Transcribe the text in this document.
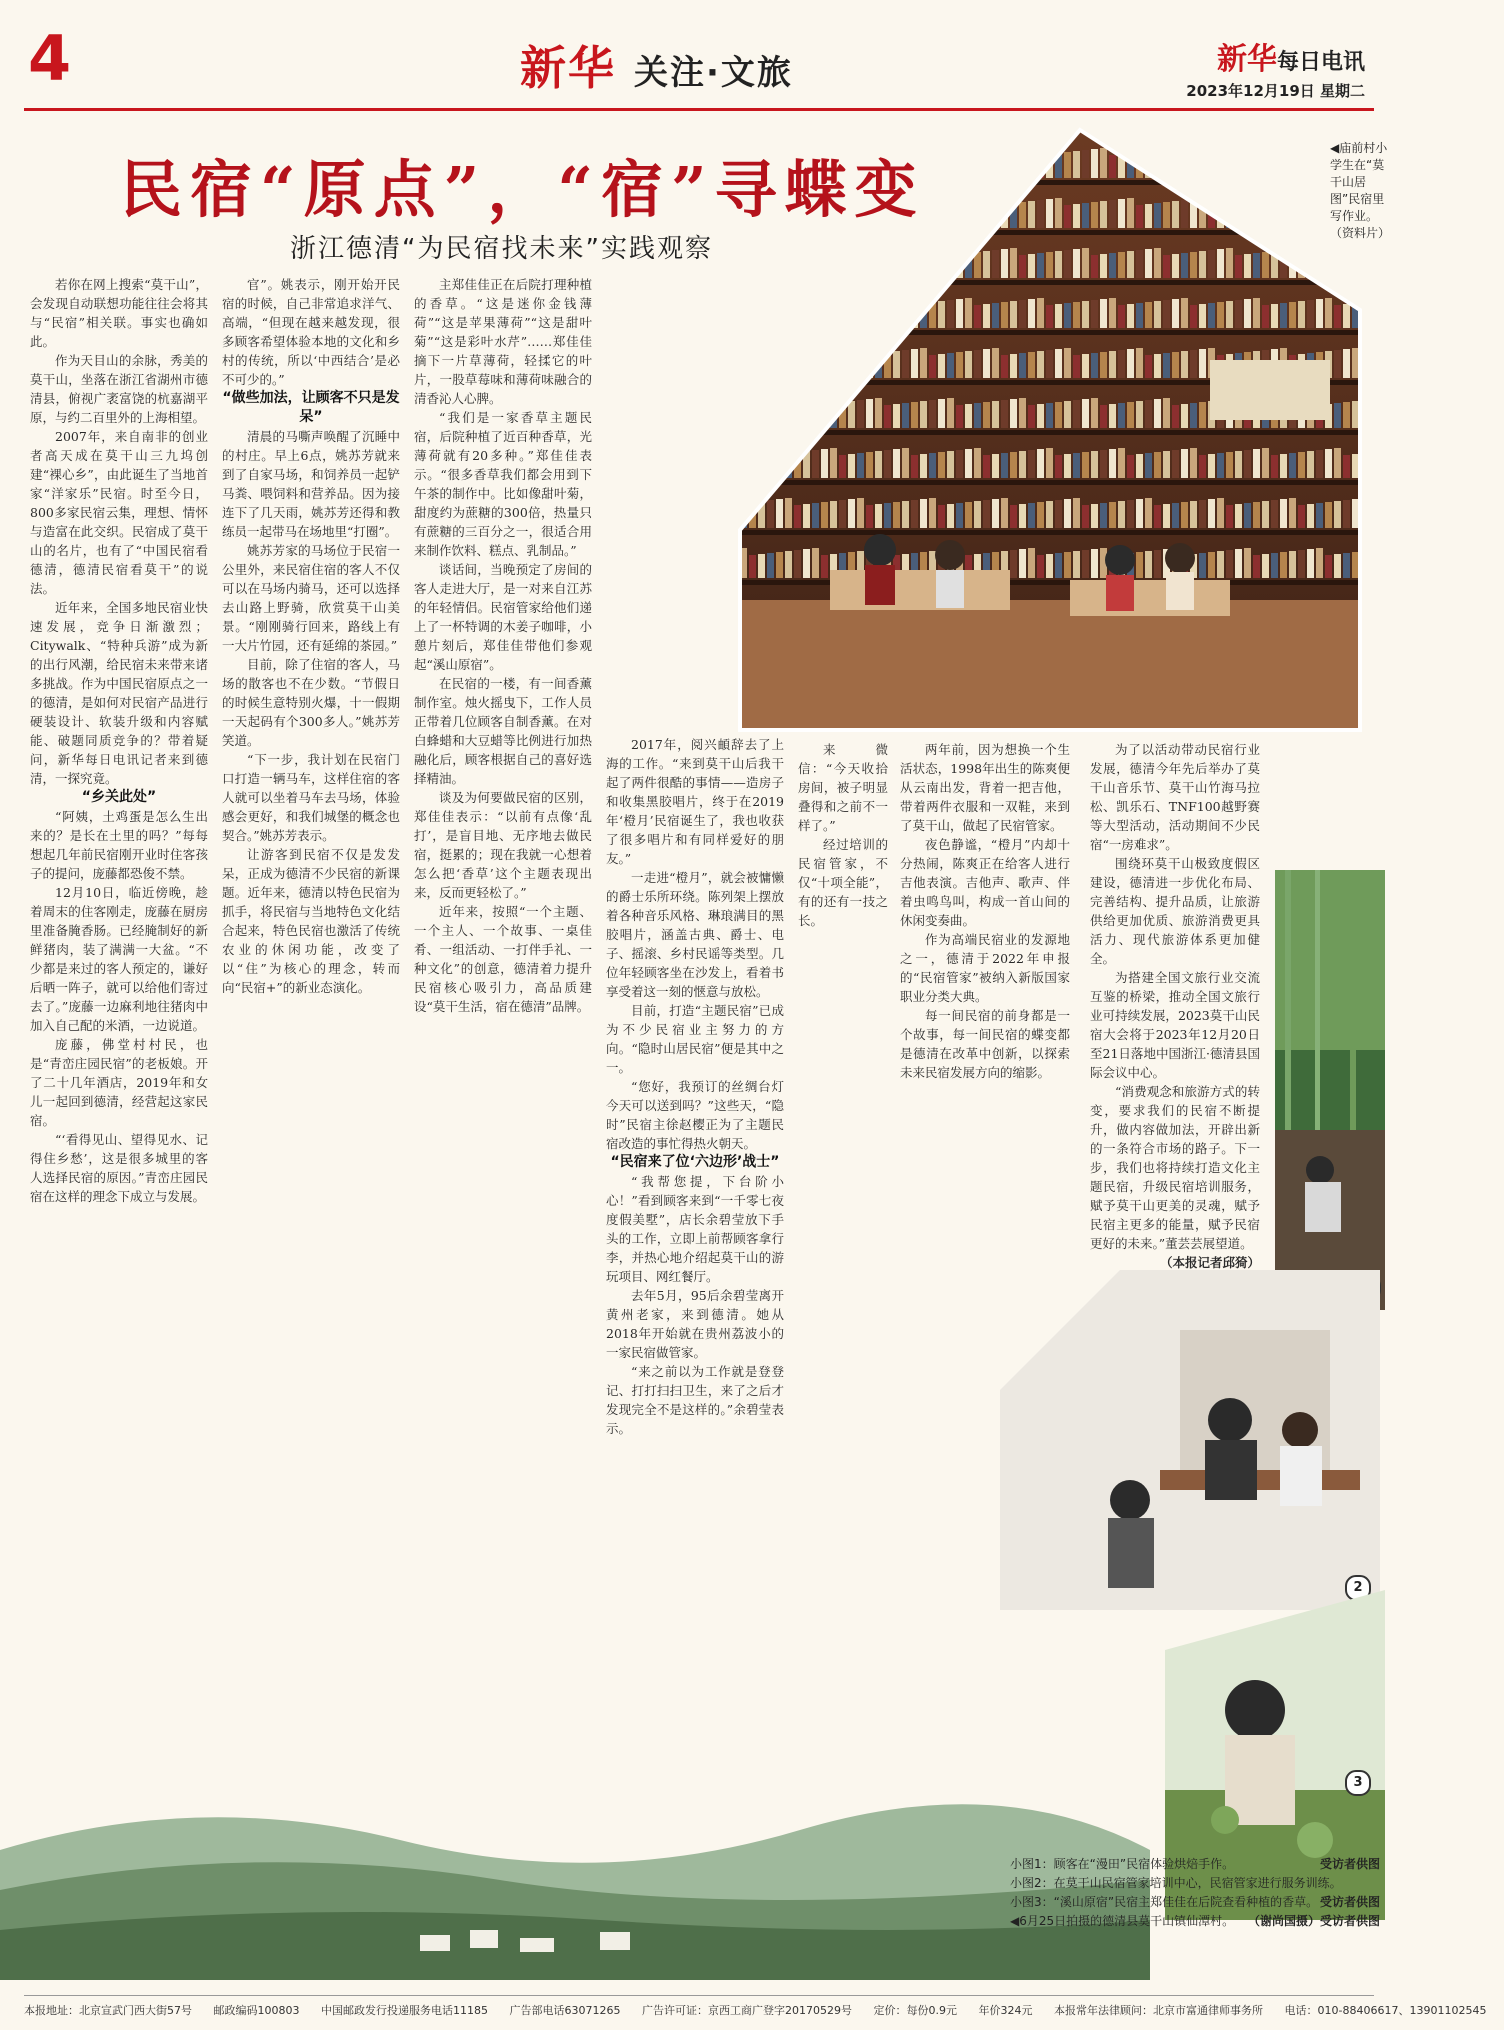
4	新华 关注·文旅	新华每日电讯
2023年12月19日 星期二
民宿“原点”，“宿”寻蝶变
浙江德清“为民宿找未来”实践观察
◀庙前村小学生在“莫干山居图”民宿里写作业。（资料片）

若你在网上搜索“莫干山”，会发现自动联想功能往往会将其与“民宿”相关联。事实也确如此。

作为天目山的余脉，秀美的莫干山，坐落在浙江省湖州市德清县，俯视广袤富饶的杭嘉湖平原，与约二百里外的上海相望。

2007年，来自南非的创业者高天成在莫干山三九坞创建“裸心乡”，由此诞生了当地首家“洋家乐”民宿。时至今日，800多家民宿云集，理想、情怀与造富在此交织。民宿成了莫干山的名片，也有了“中国民宿看德清，德清民宿看莫干”的说法。

近年来，全国多地民宿业快速发展，竞争日渐激烈；Citywalk、“特种兵游”成为新的出行风潮，给民宿未来带来诸多挑战。作为中国民宿原点之一的德清，是如何对民宿产品进行硬装设计、软装升级和内容赋能、破题同质竞争的？带着疑问，新华每日电讯记者来到德清，一探究竟。

“乡关此处”

“阿姨，土鸡蛋是怎么生出来的？是长在土里的吗？”每每想起几年前民宿刚开业时住客孩子的提问，庞藤都恐俊不禁。

12月10日，临近傍晚，趁着周末的住客刚走，庞藤在厨房里准备腌香肠。已经腌制好的新鲜猪肉，装了满满一大盆。“不少都是来过的客人预定的，谦好后晒一阵子，就可以给他们寄过去了。”庞藤一边麻利地往猪肉中加入自己配的米酒，一边说道。

庞藤，佛堂村村民，也是“青峦庄园民宿”的老板娘。开了二十几年酒店，2019年和女儿一起回到德清，经营起这家民宿。

“‘看得见山、望得见水、记得住乡愁’，这是很多城里的客人选择民宿的原因。”青峦庄园民宿在这样的理念下成立与发展。

官”。姚表示，刚开始开民宿的时候，自己非常追求洋气、高端，“但现在越来越发现，很多顾客希望体验本地的文化和乡村的传统，所以‘中西结合’是必不可少的。”

“做些加法，让顾客不只是发呆”

清晨的马嘶声唤醒了沉睡中的村庄。早上6点，姚苏芳就来到了自家马场，和饲养员一起铲马粪、喂饲料和营养品。因为接连下了几天雨，姚苏芳还得和教练员一起带马在场地里“打圈”。

姚苏芳家的马场位于民宿一公里外，来民宿住宿的客人不仅可以在马场内骑马，还可以选择去山路上野骑，欣赏莫干山美景。“刚刚骑行回来，路线上有一大片竹园，还有延绵的茶园。”

目前，除了住宿的客人，马场的散客也不在少数。“节假日的时候生意特别火爆，十一假期一天起码有个300多人。”姚苏芳笑道。

“下一步，我计划在民宿门口打造一辆马车，这样住宿的客人就可以坐着马车去马场，体验感会更好，和我们城堡的概念也契合。”姚苏芳表示。

让游客到民宿不仅是发发呆，正成为德清不少民宿的新课题。近年来，德清以特色民宿为抓手，将民宿与当地特色文化结合起来，特色民宿也激活了传统农业的休闲功能，改变了以“住”为核心的理念，转而向“民宿+”的新业态演化。

主郑佳佳正在后院打理种植的香草。“这是迷你金钱薄荷”“这是苹果薄荷”“这是甜叶菊”“这是彩叶水芹”……郑佳佳摘下一片草薄荷，轻揉它的叶片，一股草莓味和薄荷味融合的清香沁人心脾。

“我们是一家香草主题民宿，后院种植了近百种香草，光薄荷就有20多种。”郑佳佳表示。“很多香草我们都会用到下午茶的制作中。比如像甜叶菊，甜度约为蔗糖的300倍，热量只有蔗糖的三百分之一，很适合用来制作饮料、糕点、乳制品。”

谈话间，当晚预定了房间的客人走进大厅，是一对来自江苏的年轻情侣。民宿管家给他们递上了一杯特调的木姜子咖啡，小憩片刻后，郑佳佳带他们参观起“溪山原宿”。

在民宿的一楼，有一间香薰制作室。烛火摇曳下，工作人员正带着几位顾客自制香薰。在对白蜂蜡和大豆蜡等比例进行加热融化后，顾客根据自己的喜好选择精油。

谈及为何要做民宿的区别，郑佳佳表示：“以前有点像‘乱打’，是盲目地、无序地去做民宿，挺累的；现在我就一心想着怎么把‘香草’这个主题表现出来，反而更轻松了。”

近年来，按照“一个主题、一个主人、一个故事、一桌佳肴、一组活动、一打伴手礼、一种文化”的创意，德清着力提升民宿核心吸引力，高品质建设“莫干生活，宿在德清”品牌。

2017年，阅兴頔辞去了上海的工作。“来到莫干山后我干起了两件很酷的事情——造房子和收集黑胶唱片，终于在2019年‘橙月’民宿诞生了，我也收获了很多唱片和有同样爱好的朋友。”

一走进“橙月”，就会被慵懒的爵士乐所环绕。陈列架上摆放着各种音乐风格、琳琅满目的黑胶唱片，涵盖古典、爵士、电子、摇滚、乡村民谣等类型。几位年轻顾客坐在沙发上，看着书享受着这一刻的惬意与放松。

目前，打造“主题民宿”已成为不少民宿业主努力的方向。“隐时山居民宿”便是其中之一。

“您好，我预订的丝绸台灯今天可以送到吗？”这些天，“隐时”民宿主徐赵樱正为了主题民宿改造的事忙得热火朝天。

“民宿来了位‘六边形’战士”

“我帮您提，下台阶小心！”看到顾客来到“一千零七夜度假美墅”，店长余碧莹放下手头的工作，立即上前帮顾客拿行李，并热心地介绍起莫干山的游玩项目、网红餐厅。

去年5月，95后余碧莹离开黄州老家，来到德清。她从2018年开始就在贵州荔波小的一家民宿做管家。

“来之前以为工作就是登登记、打打扫扫卫生，来了之后才发现完全不是这样的。”余碧莹表示。

来微信：“今天收拾房间，被子明显叠得和之前不一样了。”

经过培训的民宿管家，不仅“十项全能”，有的还有一技之长。

两年前，因为想换一个生活状态，1998年出生的陈爽便从云南出发，背着一把吉他，带着两件衣服和一双鞋，来到了莫干山，做起了民宿管家。

夜色静谧，“橙月”内却十分热闹，陈爽正在给客人进行吉他表演。吉他声、歌声、伴着虫鸣鸟叫，构成一首山间的休闲变奏曲。

作为高端民宿业的发源地之一，德清于2022年申报的“民宿管家”被纳入新版国家职业分类大典。

每一间民宿的前身都是一个故事，每一间民宿的蝶变都是德清在改革中创新，以探索未来民宿发展方向的缩影。

为了以活动带动民宿行业发展，德清今年先后举办了莫干山音乐节、莫干山竹海马拉松、凯乐石、TNF100越野赛等大型活动，活动期间不少民宿“一房难求”。

围绕环莫干山极致度假区建设，德清进一步优化布局、完善结构、提升品质，让旅游供给更加优质、旅游消费更具活力、现代旅游体系更加健全。

为搭建全国文旅行业交流互鉴的桥梁，推动全国文旅行业可持续发展，2023莫干山民宿大会将于2023年12月20日至21日落地中国浙江·德清县国际会议中心。

“消费观念和旅游方式的转变，要求我们的民宿不断提升，做内容做加法，开辟出新的一条符合市场的路子。下一步，我们也将持续打造文化主题民宿，升级民宿培训服务，赋予莫干山更美的灵魂，赋予民宿主更多的能量，赋予民宿更好的未来。”董芸芸展望道。

（本报记者邱猗）

2
3
小图1：顾客在“漫田”民宿体验烘焙手作。	受访者供图
小图2：在莫干山民宿管家培训中心，民宿管家进行服务训练。
受访者供图
小图3：“溪山原宿”民宿主郑佳佳在后院查看种植的香草。
受访者供图
◀6月25日拍摄的德清县莫干山镇仙潭村。 （谢尚国摄）
本报地址：北京宣武门西大街57号 邮政编码100803 中国邮政发行投递服务电话11185 广告部电话63071265 广告许可证：京西工商广登字20170529号 定价：每份0.9元 年价324元 本报常年法律顾问：北京市富通律师事务所 电话：010-88406617、13901102545
